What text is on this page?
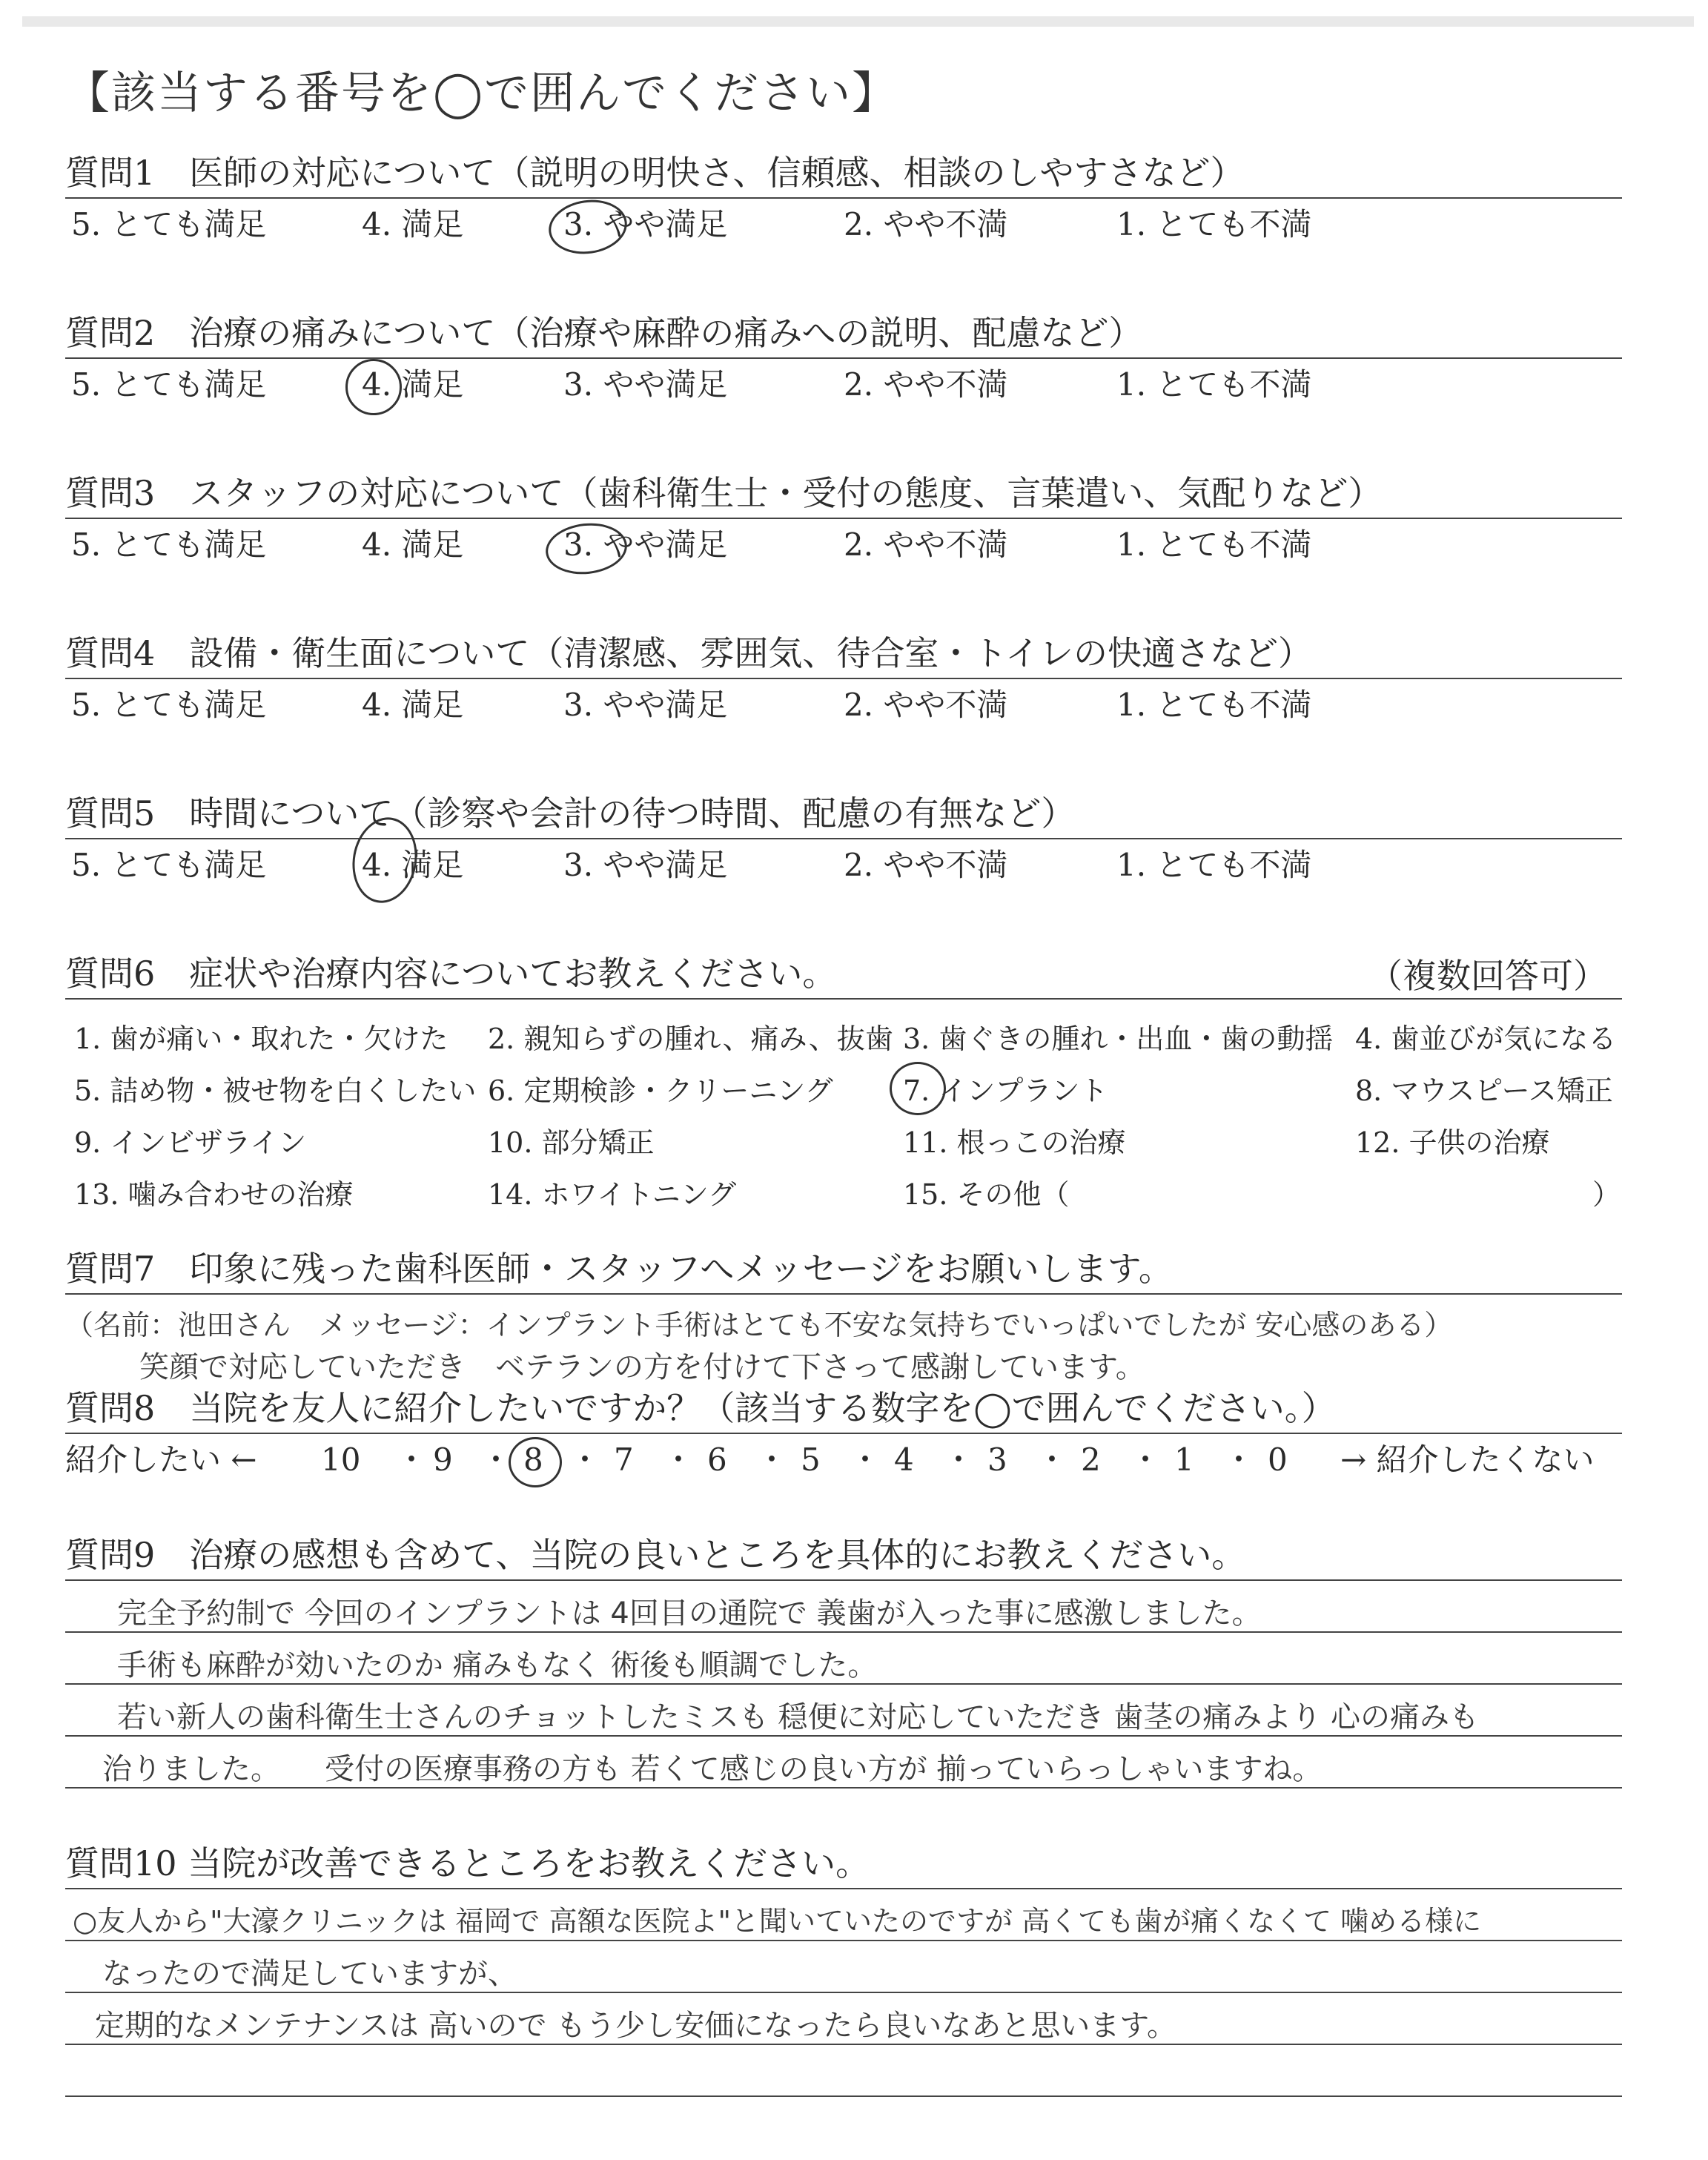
【該当する番号を◯で囲んでください】
質問1　医師の対応について（説明の明快さ、信頼感、相談のしやすさなど）
5. とても満足	4. 満足	3. やや満足	2. やや不満	1. とても不満
質問2　治療の痛みについて（治療や麻酔の痛みへの説明、配慮など）
5. とても満足	4. 満足	3. やや満足	2. やや不満	1. とても不満
質問3　スタッフの対応について（歯科衛生士・受付の態度、言葉遣い、気配りなど）
5. とても満足	4. 満足	3. やや満足	2. やや不満	1. とても不満
質問4　設備・衛生面について（清潔感、雰囲気、待合室・トイレの快適さなど）
5. とても満足	4. 満足	3. やや満足	2. やや不満	1. とても不満
質問5　時間について（診察や会計の待つ時間、配慮の有無など）
5. とても満足	4. 満足	3. やや満足	2. やや不満	1. とても不満
質問6　症状や治療内容についてお教えください。	（複数回答可）
1. 歯が痛い・取れた・欠けた 2. 親知らずの腫れ、痛み、抜歯 3. 歯ぐきの腫れ・出血・歯の動揺 4. 歯並びが気になる
5. 詰め物・被せ物を白くしたい 6. 定期検診・クリーニング 7. インプラント	8. マウスピース矯正
9. インビザライン	10. 部分矯正	11. 根っこの治療	12. 子供の治療
13. 噛み合わせの治療	14. ホワイトニング	15. その他（	）
質問7　印象に残った歯科医師・スタッフへメッセージをお願いします。
（名前：池田さん　メッセージ：インプラント手術はとても不安な気持ちでいっぱいでしたが 安心感のある）
笑顔で対応していただき　ベテランの方を付けて下さって感謝しています。
質問8　当院を友人に紹介したいですか？（該当する数字を◯で囲んでください。）
紹介したい ← 10 ・ 9 ・ 8 ・ 7 ・ 6 ・ 5 ・ 4 ・ 3 ・ 2 ・ 1 ・ 0 → 紹介したくない
質問9　治療の感想も含めて、当院の良いところを具体的にお教えください。
完全予約制で 今回のインプラントは 4回目の通院で 義歯が入った事に感激しました。
手術も麻酔が効いたのか 痛みもなく 術後も順調でした。
若い新人の歯科衛生士さんのチョットしたミスも 穏便に対応していただき 歯茎の痛みより 心の痛みも
治りました。　　受付の医療事務の方も 若くて感じの良い方が 揃っていらっしゃいますね。
質問10 当院が改善できるところをお教えください。
○友人から"大濠クリニックは 福岡で 高額な医院よ"と聞いていたのですが 高くても歯が痛くなくて 噛める様に
なったので満足していますが、
定期的なメンテナンスは 高いので もう少し安価になったら良いなあと思います。
